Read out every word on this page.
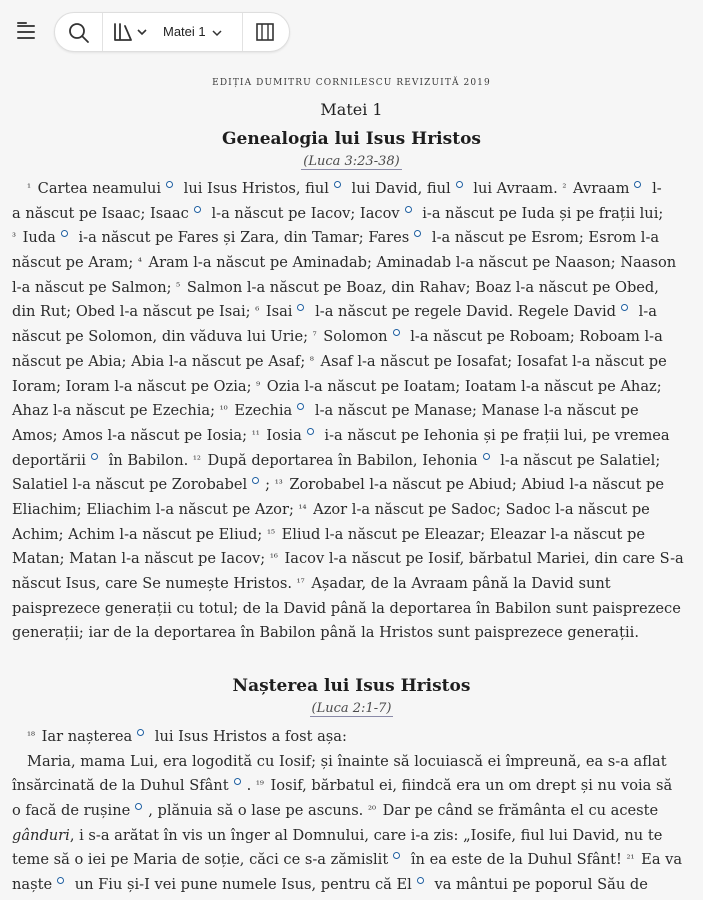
Matei 1
EDIȚIA DUMITRU CORNILESCU REVIZUITĂ 2019
Matei 1
Genealogia lui Isus Hristos
(Luca 3:23-38)
¹ Cartea neamului lui Isus Hristos, fiul lui David, fiul lui Avraam. ² Avraam l-
a născut pe Isaac; Isaac l-a născut pe Iacov; Iacov i-a născut pe Iuda și pe frații lui;
³ Iuda i-a născut pe Fares și Zara, din Tamar; Fares l-a născut pe Esrom; Esrom l-a
născut pe Aram; ⁴ Aram l-a născut pe Aminadab; Aminadab l-a născut pe Naason; Naason
l-a născut pe Salmon; ⁵ Salmon l-a născut pe Boaz, din Rahav; Boaz l-a născut pe Obed,
din Rut; Obed l-a născut pe Isai; ⁶ Isai l-a născut pe regele David. Regele David l-a
născut pe Solomon, din văduva lui Urie; ⁷ Solomon l-a născut pe Roboam; Roboam l-a
născut pe Abia; Abia l-a născut pe Asaf; ⁸ Asaf l-a născut pe Iosafat; Iosafat l-a născut pe
Ioram; Ioram l-a născut pe Ozia; ⁹ Ozia l-a născut pe Ioatam; Ioatam l-a născut pe Ahaz;
Ahaz l-a născut pe Ezechia; ¹⁰ Ezechia l-a născut pe Manase; Manase l-a născut pe
Amos; Amos l-a născut pe Iosia; ¹¹ Iosia i-a născut pe Iehonia și pe frații lui, pe vremea
deportării în Babilon. ¹² După deportarea în Babilon, Iehonia l-a născut pe Salatiel;
Salatiel l-a născut pe Zorobabel ; ¹³ Zorobabel l-a născut pe Abiud; Abiud l-a născut pe
Eliachim; Eliachim l-a născut pe Azor; ¹⁴ Azor l-a născut pe Sadoc; Sadoc l-a născut pe
Achim; Achim l-a născut pe Eliud; ¹⁵ Eliud l-a născut pe Eleazar; Eleazar l-a născut pe
Matan; Matan l-a născut pe Iacov; ¹⁶ Iacov l-a născut pe Iosif, bărbatul Mariei, din care S-a
născut Isus, care Se numește Hristos. ¹⁷ Așadar, de la Avraam până la David sunt
paisprezece generații cu totul; de la David până la deportarea în Babilon sunt paisprezece
generații; iar de la deportarea în Babilon până la Hristos sunt paisprezece generații.
Nașterea lui Isus Hristos
(Luca 2:1-7)
¹⁸ Iar nașterea lui Isus Hristos a fost așa:
Maria, mama Lui, era logodită cu Iosif; și înainte să locuiască ei împreună, ea s-a aflat
însărcinată de la Duhul Sfânt . ¹⁹ Iosif, bărbatul ei, fiindcă era un om drept și nu voia să
o facă de rușine , plănuia să o lase pe ascuns. ²⁰ Dar pe când se frământa el cu aceste
gânduri, i s-a arătat în vis un înger al Domnului, care i-a zis: „Iosife, fiul lui David, nu te
teme să o iei pe Maria de soție, căci ce s-a zămislit în ea este de la Duhul Sfânt! ²¹ Ea va
naște un Fiu și-I vei pune numele Isus, pentru că El va mântui pe poporul Său de
